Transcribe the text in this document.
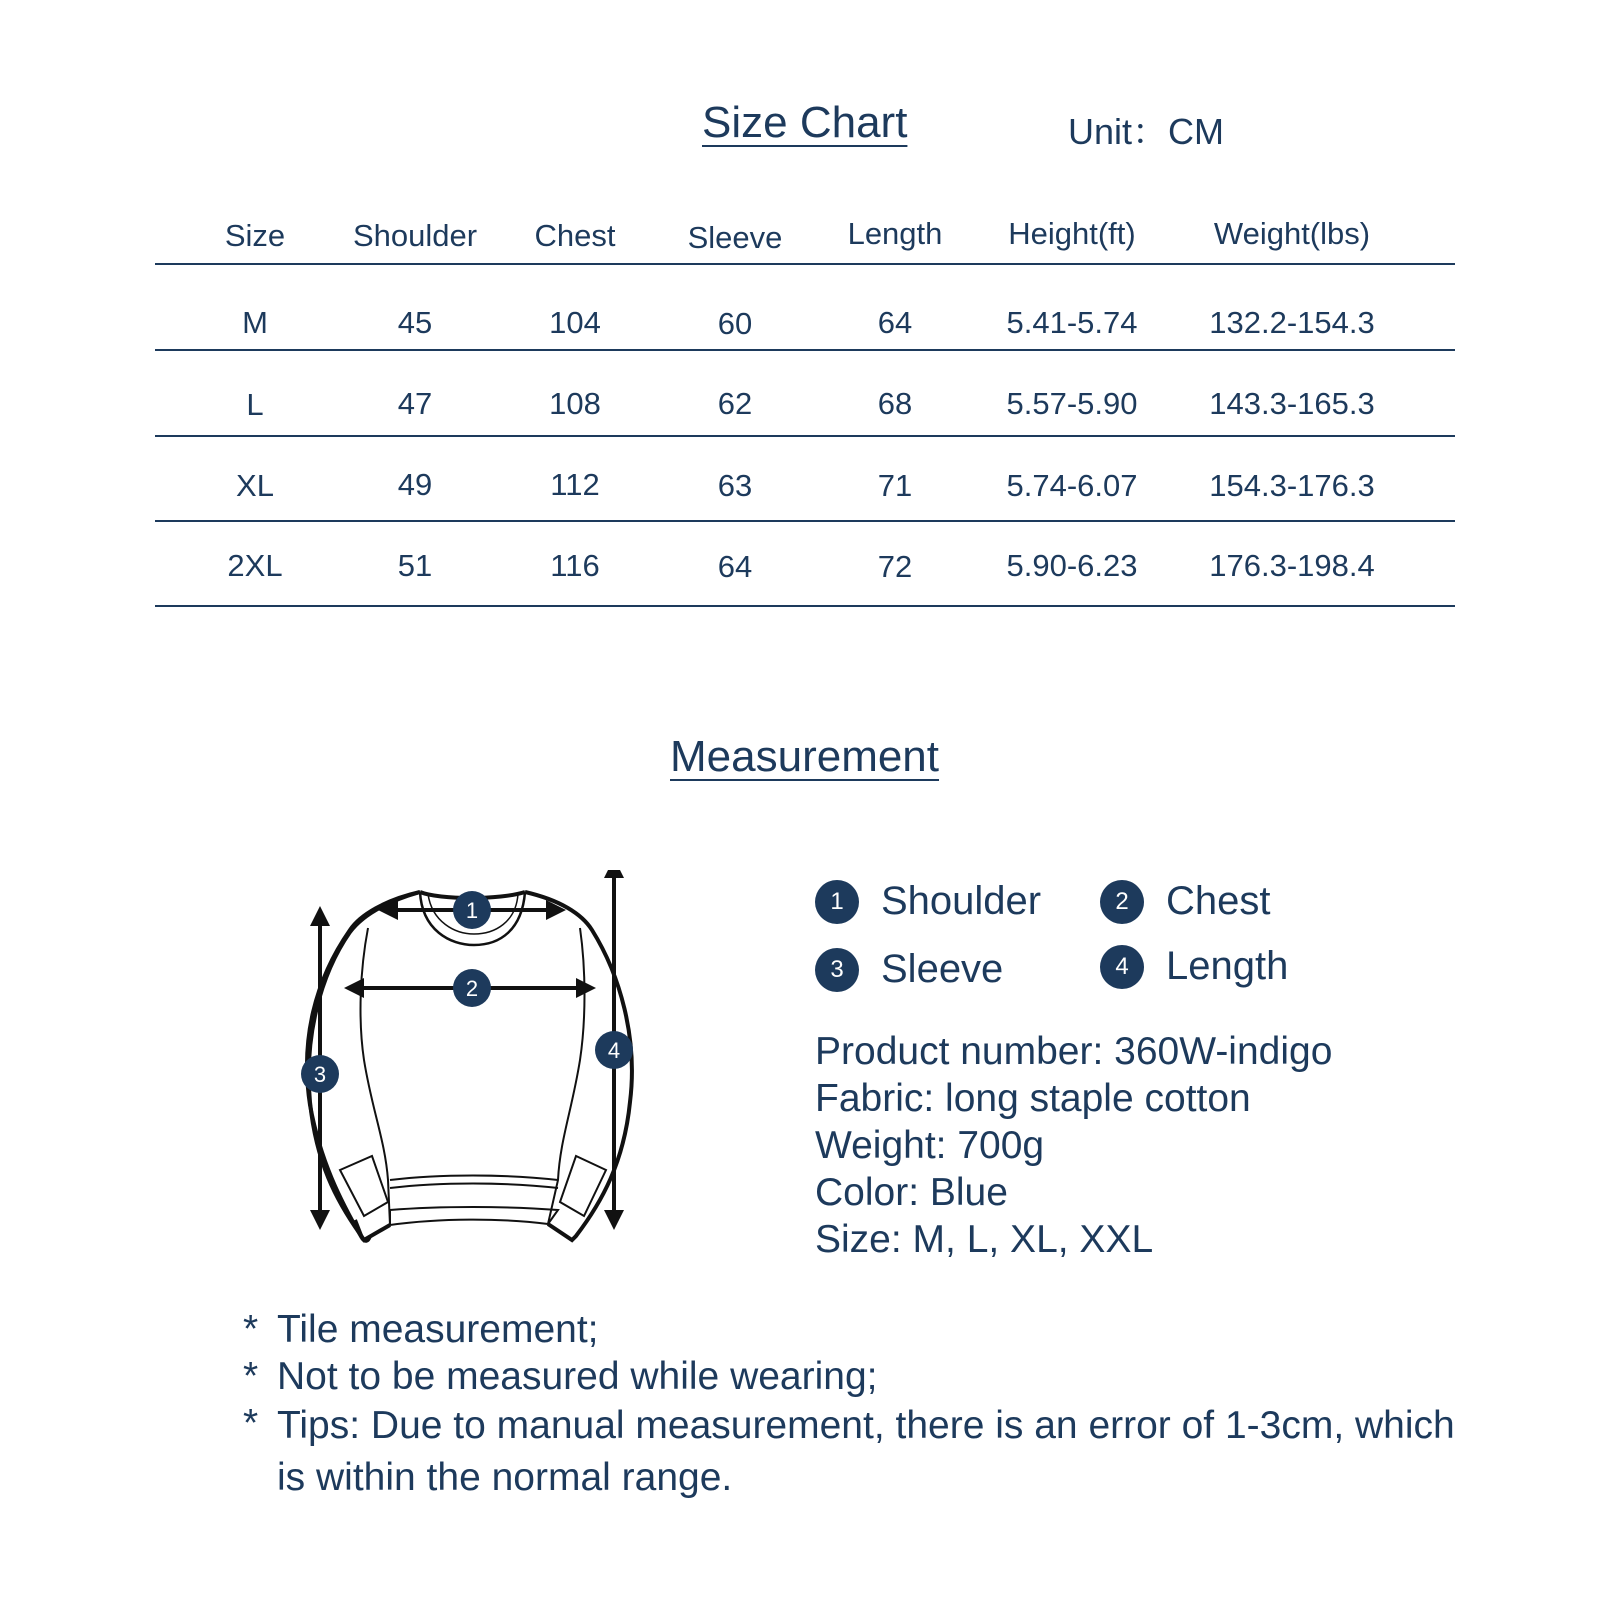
Size Chart	Unit：CM
Size	Shoulder	Chest	Sleeve	Length	Height(ft)	Weight(lbs)
M	45	104	60	64	5.41-5.74	132.2-154.3
L	47	108	62	68	5.57-5.90	143.3-165.3
XL	49	112	63	71	5.74-6.07	154.3-176.3
2XL	51	116	64	72	5.90-6.23	176.3-198.4
Measurement
1
2
3
4
1 Shoulder	2 Chest
3 Sleeve	4 Length
Product number: 360W-indigo
Fabric: long staple cotton
Weight: 700g
Color: Blue
Size: M, L, XL, XXL
* Tile measurement;
* Not to be measured while wearing;
* Tips: Due to manual measurement, there is an error of 1-3cm, which is within the normal range.
